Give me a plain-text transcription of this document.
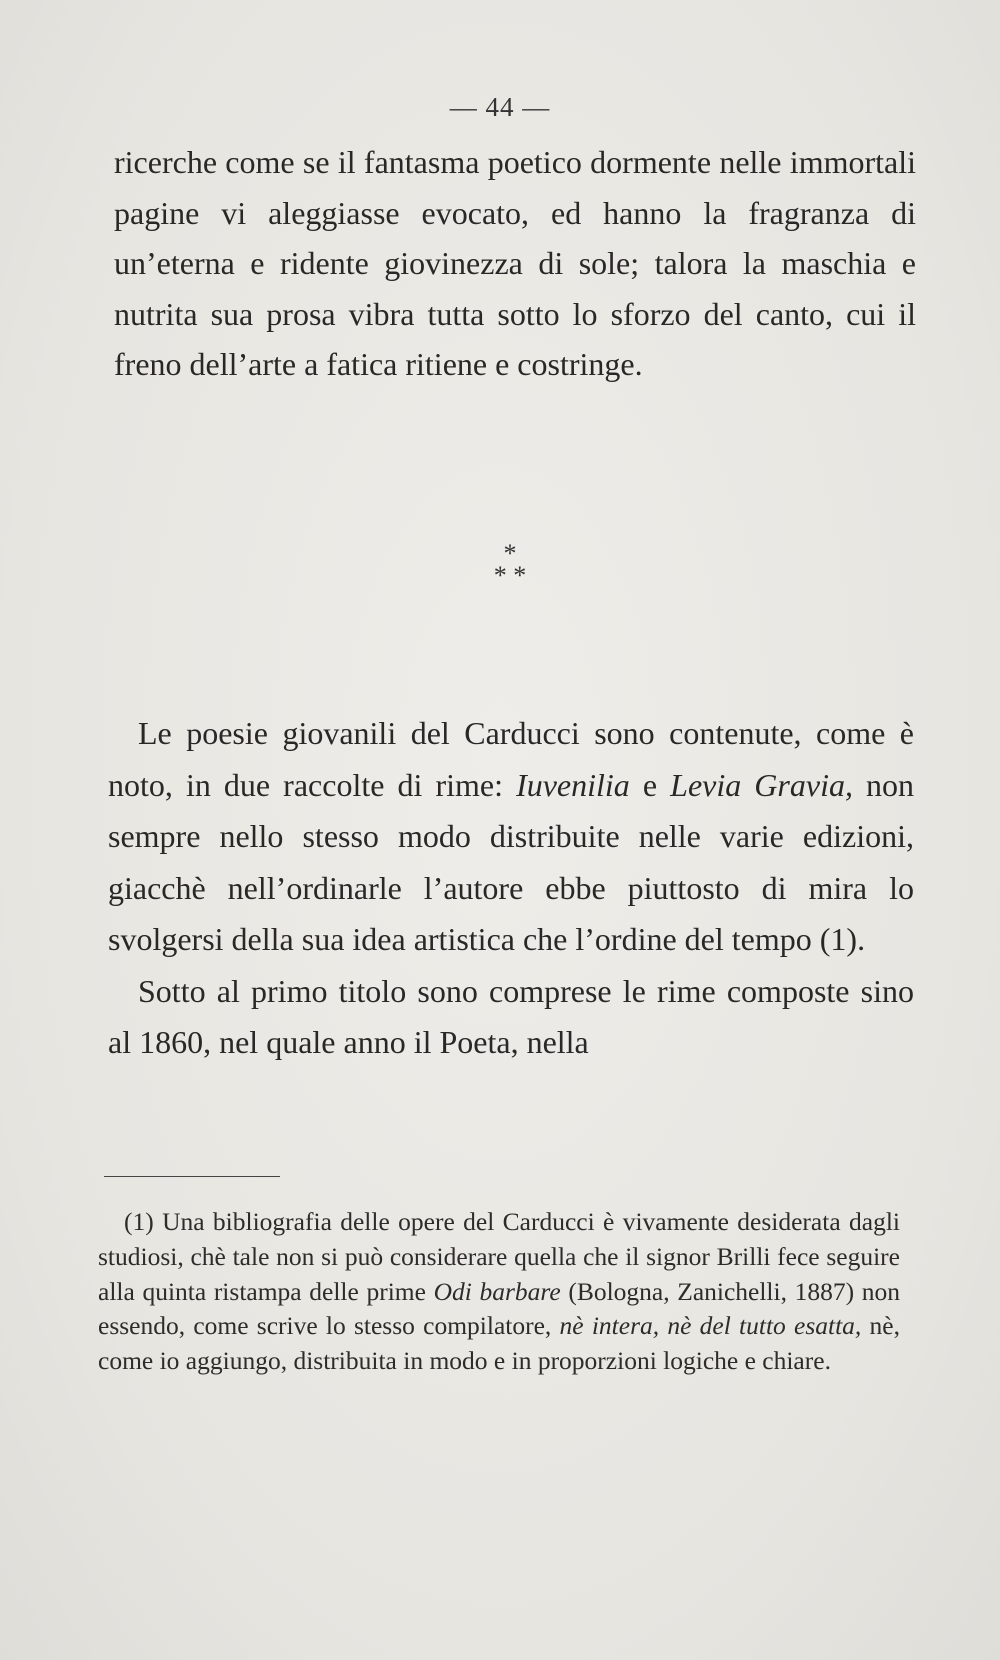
— 44 —

ricerche come se il fantasma poetico dormente nelle immortali pagine vi aleggiasse evocato, ed hanno la fragranza di un’eterna e ridente giovinezza di sole; talora la maschia e nutrita sua prosa vibra tutta sotto lo sforzo del canto, cui il freno dell’arte a fatica ritiene e costringe.

*
* *

Le poesie giovanili del Carducci sono contenute, come è noto, in due raccolte di rime: Iuvenilia e Levia Gravia, non sempre nello stesso modo distribuite nelle varie edizioni, giacchè nell’ordinarle l’autore ebbe piuttosto di mira lo svolgersi della sua idea artistica che l’ordine del tempo (1).

Sotto al primo titolo sono comprese le rime composte sino al 1860, nel quale anno il Poeta, nella

(1) Una bibliografia delle opere del Carducci è vivamente desiderata dagli studiosi, chè tale non si può considerare quella che il signor Brilli fece seguire alla quinta ristampa delle prime Odi barbare (Bologna, Zanichelli, 1887) non essendo, come scrive lo stesso compilatore, nè intera, nè del tutto esatta, nè, come io aggiungo, distribuita in modo e in proporzioni logiche e chiare.
